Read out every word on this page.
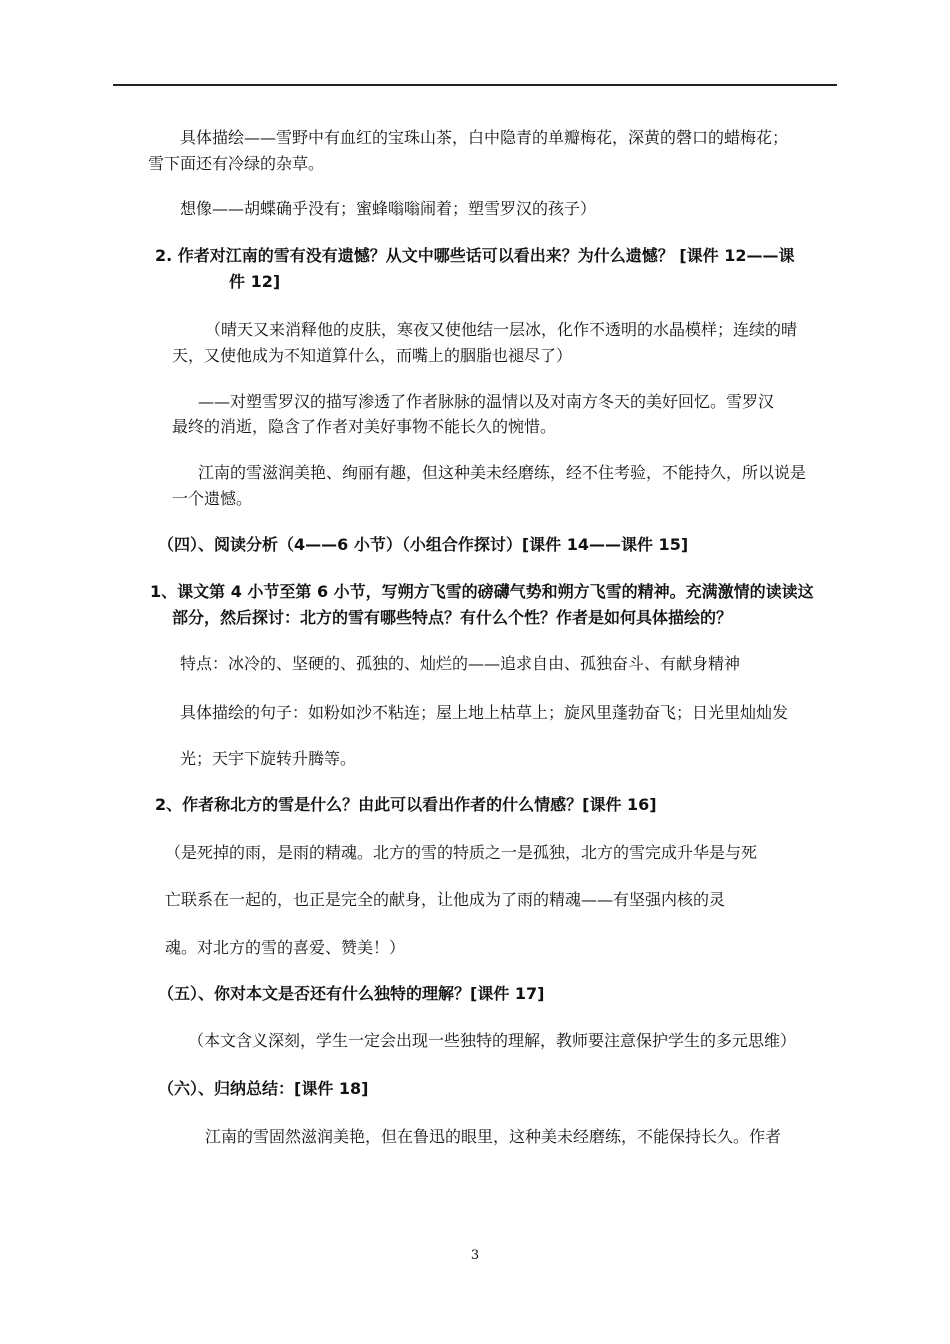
具体描绘——雪野中有血红的宝珠山茶，白中隐青的单瓣梅花，深黄的磬口的蜡梅花；
雪下面还有冷绿的杂草。
想像——胡蝶确乎没有；蜜蜂嗡嗡闹着；塑雪罗汉的孩子）
2. 作者对江南的雪有没有遗憾？从文中哪些话可以看出来？为什么遗憾？ [课件 12——课
件 12]
（晴天又来消释他的皮肤，寒夜又使他结一层冰，化作不透明的水晶模样；连续的晴
天，又使他成为不知道算什么，而嘴上的胭脂也褪尽了）
——对塑雪罗汉的描写渗透了作者脉脉的温情以及对南方冬天的美好回忆。雪罗汉
最终的消逝，隐含了作者对美好事物不能长久的惋惜。
江南的雪滋润美艳、绚丽有趣，但这种美未经磨练，经不住考验，不能持久，所以说是
一个遗憾。
（四）、阅读分析（4——6 小节）（小组合作探讨）[课件 14——课件 15]
1、课文第 4 小节至第 6 小节，写朔方飞雪的磅礴气势和朔方飞雪的精神。充满激情的读读这
部分，然后探讨：北方的雪有哪些特点？有什么个性？作者是如何具体描绘的？
特点：冰冷的、坚硬的、孤独的、灿烂的——追求自由、孤独奋斗、有献身精神
具体描绘的句子：如粉如沙不粘连；屋上地上枯草上；旋风里蓬勃奋飞；日光里灿灿发
光；天宇下旋转升腾等。
2、作者称北方的雪是什么？由此可以看出作者的什么情感？[课件 16]
（是死掉的雨，是雨的精魂。北方的雪的特质之一是孤独，北方的雪完成升华是与死
亡联系在一起的，也正是完全的献身，让他成为了雨的精魂——有坚强内核的灵
魂。对北方的雪的喜爱、赞美！）
（五）、你对本文是否还有什么独特的理解？[课件 17]
（本文含义深刻，学生一定会出现一些独特的理解，教师要注意保护学生的多元思维）
（六）、归纳总结：[课件 18]
江南的雪固然滋润美艳，但在鲁迅的眼里，这种美未经磨练，不能保持长久。作者
3
